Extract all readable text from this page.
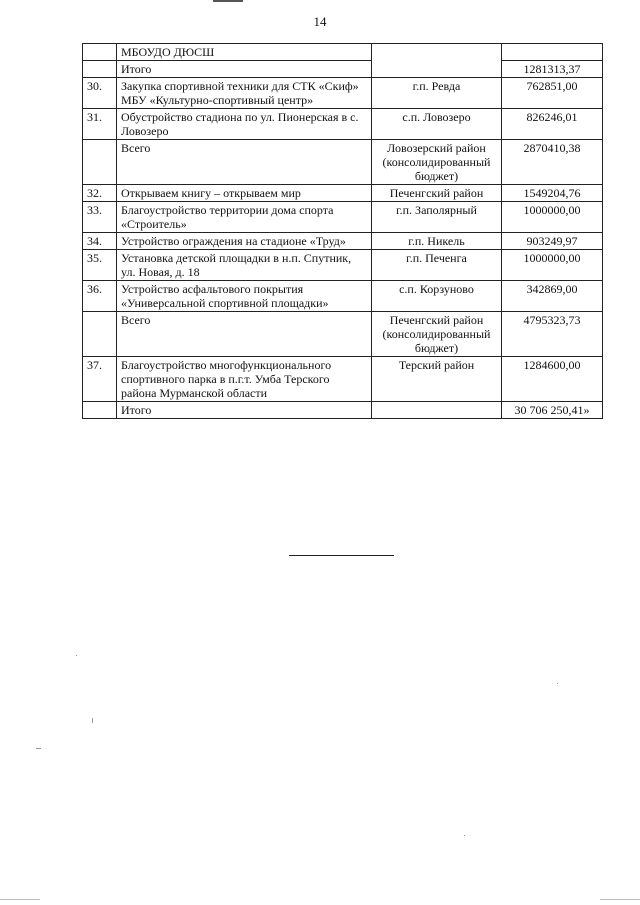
14
	МБОУДО ДЮСШ		
	Итого		1281313,37
30.	Закупка спортивной техники для СТК «Скиф» МБУ «Культурно-спортивный центр»	г.п. Ревда	762851,00
31.	Обустройство стадиона по ул. Пионерская в с. Ловозеро	с.п. Ловозеро	826246,01
	Всего	Ловозерский район (консолидированный бюджет)	2870410,38
32.	Открываем книгу – открываем мир	Печенгский район	1549204,76
33.	Благоустройство территории дома спорта «Строитель»	г.п. Заполярный	1000000,00
34.	Устройство ограждения на стадионе «Труд»	г.п. Никель	903249,97
35.	Установка детской площадки в н.п. Спутник, ул. Новая, д. 18	г.п. Печенга	1000000,00
36.	Устройство асфальтового покрытия «Универсальной спортивной площадки»	с.п. Корзуново	342869,00
	Всего	Печенгский район (консолидированный бюджет)	4795323,73
37.	Благоустройство многофункционального спортивного парка в п.г.т. Умба Терского района Мурманской области	Терский район	1284600,00
	Итого		30 706 250,41»
